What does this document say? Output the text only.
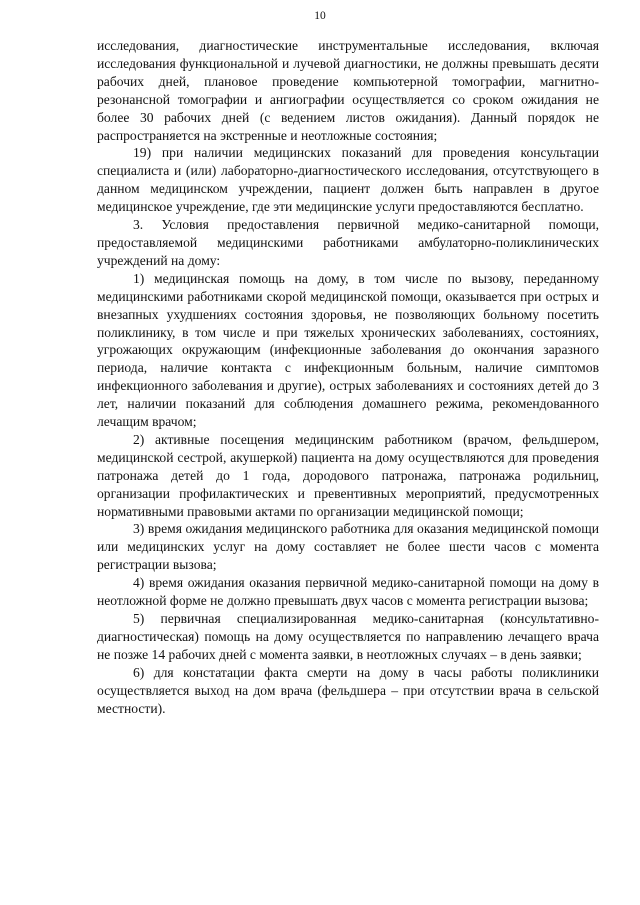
10

исследования, диагностические инструментальные исследования, включая исследования функциональной и лучевой диагностики, не должны превышать десяти рабочих дней, плановое проведение компьютерной томографии, магнитно-резонансной томографии и ангиографии осуществляется со сроком ожидания не более 30 рабочих дней (с ведением листов ожидания). Данный порядок не распространяется на экстренные и неотложные состояния;

19) при наличии медицинских показаний для проведения консультации специалиста и (или) лабораторно-диагностического исследования, отсутствующего в данном медицинском учреждении, пациент должен быть направлен в другое медицинское учреждение, где эти медицинские услуги предоставляются бесплатно.

3. Условия предоставления первичной медико-санитарной помощи, предоставляемой медицинскими работниками амбулаторно-поликлинических учреждений на дому:

1) медицинская помощь на дому, в том числе по вызову, переданному медицинскими работниками скорой медицинской помощи, оказывается при острых и внезапных ухудшениях состояния здоровья, не позволяющих больному посетить поликлинику, в том числе и при тяжелых хронических заболеваниях, состояниях, угрожающих окружающим (инфекционные заболевания до окончания заразного периода, наличие контакта с инфекционным больным, наличие симптомов инфекционного заболевания и другие), острых заболеваниях и состояниях детей до 3 лет, наличии показаний для соблюдения домашнего режима, рекомендованного лечащим врачом;

2) активные посещения медицинским работником (врачом, фельдшером, медицинской сестрой, акушеркой) пациента на дому осуществляются для проведения патронажа детей до 1 года, дородового патронажа, патронажа родильниц, организации профилактических и превентивных мероприятий, предусмотренных нормативными правовыми актами по организации медицинской помощи;

3) время ожидания медицинского работника для оказания медицинской помощи или медицинских услуг на дому составляет не более шести часов с момента регистрации вызова;

4) время ожидания оказания первичной медико-санитарной помощи на дому в неотложной форме не должно превышать двух часов с момента регистрации вызова;

5) первичная специализированная медико-санитарная (консультативно-диагностическая) помощь на дому осуществляется по направлению лечащего врача не позже 14 рабочих дней с момента заявки, в неотложных случаях – в день заявки;

6) для констатации факта смерти на дому в часы работы поликлиники осуществляется выход на дом врача (фельдшера – при отсутствии врача в сельской местности).
